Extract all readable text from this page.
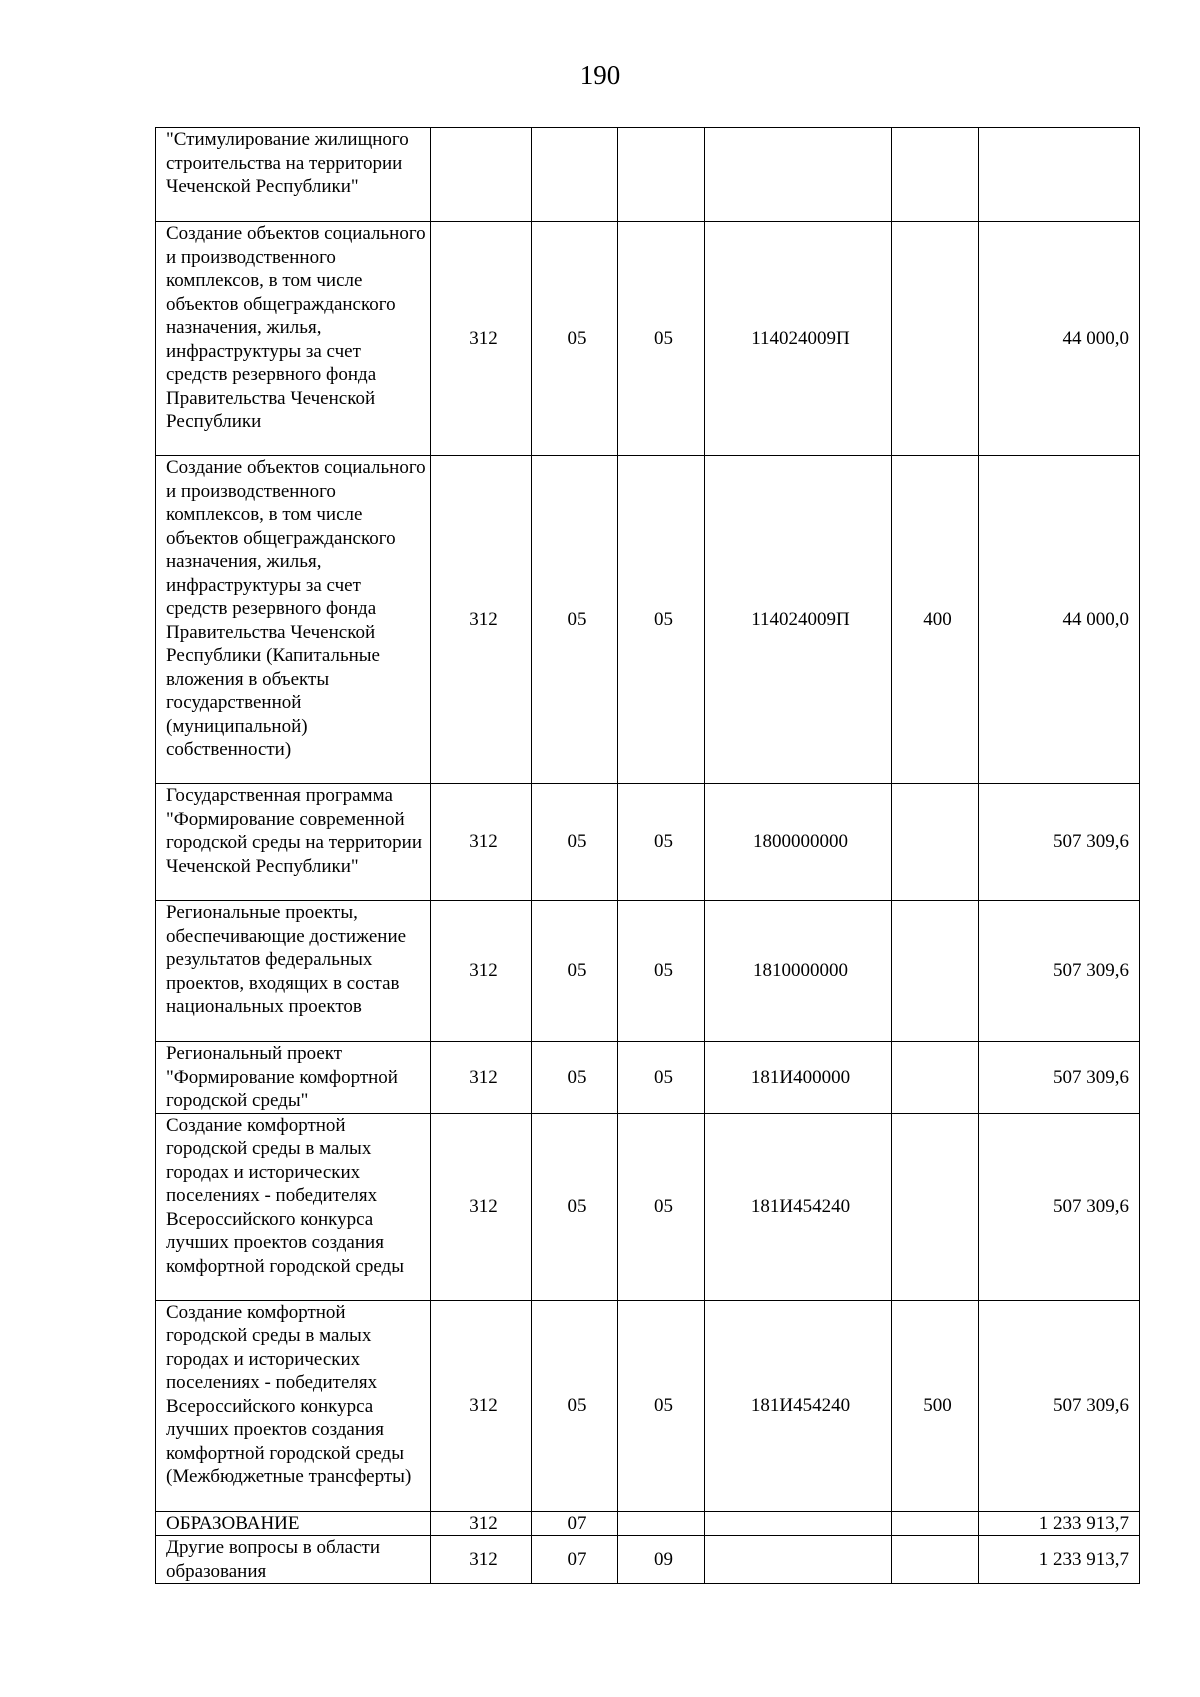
190
"Стимулирование жилищного строительства на территории Чеченской Республики"						
Создание объектов социального и производственного комплексов, в том числе объектов общегражданского назначения, жилья, инфраструктуры за счет средств резервного фонда Правительства Чеченской Республики	312	05	05	114024009П		44 000,0
Создание объектов социального и производственного комплексов, в том числе объектов общегражданского назначения, жилья, инфраструктуры за счет средств резервного фонда Правительства Чеченской Республики (Капитальные вложения в объекты государственной (муниципальной) собственности)	312	05	05	114024009П	400	44 000,0
Государственная программа "Формирование современной городской среды на территории Чеченской Республики"	312	05	05	1800000000		507 309,6
Региональные проекты, обеспечивающие достижение результатов федеральных проектов, входящих в состав национальных проектов	312	05	05	1810000000		507 309,6
Региональный проект "Формирование комфортной городской среды"	312	05	05	181И400000		507 309,6
Создание комфортной городской среды в малых городах и исторических поселениях - победителях Всероссийского конкурса лучших проектов создания комфортной городской среды	312	05	05	181И454240		507 309,6
Создание комфортной городской среды в малых городах и исторических поселениях - победителях Всероссийского конкурса лучших проектов создания комфортной городской среды (Межбюджетные трансферты)	312	05	05	181И454240	500	507 309,6
ОБРАЗОВАНИЕ	312	07				1 233 913,7
Другие вопросы в области образования	312	07	09			1 233 913,7
